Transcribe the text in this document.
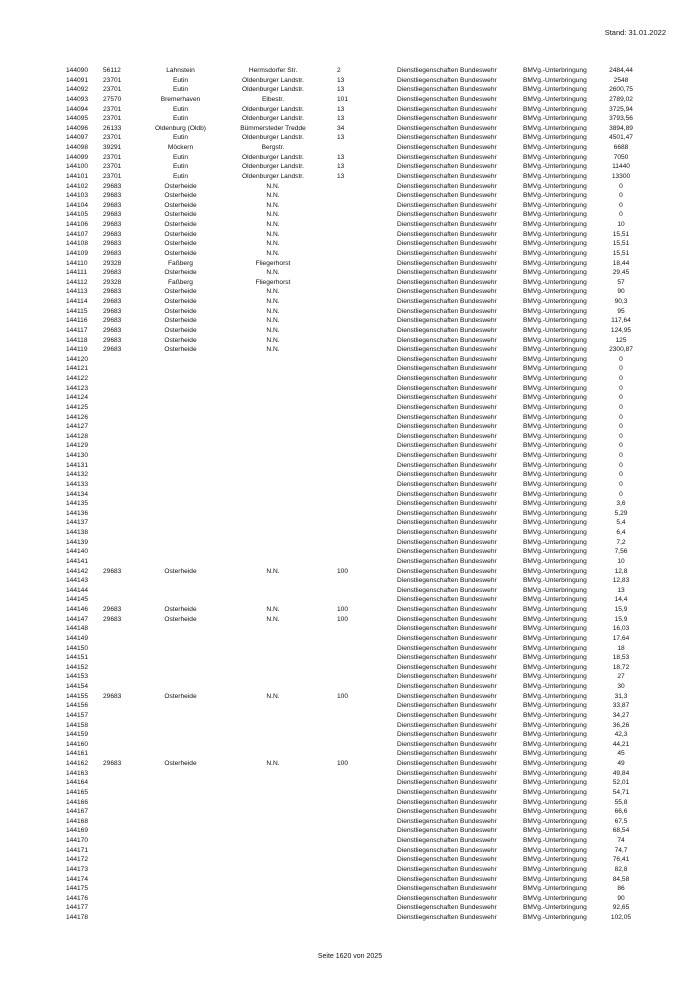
Stand: 31.01.2022
144090	56112	Lahnstein	Hermsdorfer Str.	2	Dienstliegenschaften Bundeswehr	BMVg.-Unterbringung	2484,44
144091	23701	Eutin	Oldenburger Landstr.	13	Dienstliegenschaften Bundeswehr	BMVg.-Unterbringung	2548
144092	23701	Eutin	Oldenburger Landstr.	13	Dienstliegenschaften Bundeswehr	BMVg.-Unterbringung	2600,75
144093	27570	Bremerhaven	Elbestr.	101	Dienstliegenschaften Bundeswehr	BMVg.-Unterbringung	2789,02
144094	23701	Eutin	Oldenburger Landstr.	13	Dienstliegenschaften Bundeswehr	BMVg.-Unterbringung	3725,94
144095	23701	Eutin	Oldenburger Landstr.	13	Dienstliegenschaften Bundeswehr	BMVg.-Unterbringung	3793,56
144096	26133	Oldenburg (Oldb)	Bümmersteder Tredde	34	Dienstliegenschaften Bundeswehr	BMVg.-Unterbringung	3894,89
144097	23701	Eutin	Oldenburger Landstr.	13	Dienstliegenschaften Bundeswehr	BMVg.-Unterbringung	4501,47
144098	39291	Möckern	Bergstr.		Dienstliegenschaften Bundeswehr	BMVg.-Unterbringung	6688
144099	23701	Eutin	Oldenburger Landstr.	13	Dienstliegenschaften Bundeswehr	BMVg.-Unterbringung	7050
144100	23701	Eutin	Oldenburger Landstr.	13	Dienstliegenschaften Bundeswehr	BMVg.-Unterbringung	11440
144101	23701	Eutin	Oldenburger Landstr.	13	Dienstliegenschaften Bundeswehr	BMVg.-Unterbringung	13300
144102	29683	Osterheide	N.N.		Dienstliegenschaften Bundeswehr	BMVg.-Unterbringung	0
144103	29683	Osterheide	N.N.		Dienstliegenschaften Bundeswehr	BMVg.-Unterbringung	0
144104	29683	Osterheide	N.N.		Dienstliegenschaften Bundeswehr	BMVg.-Unterbringung	0
144105	29683	Osterheide	N.N.		Dienstliegenschaften Bundeswehr	BMVg.-Unterbringung	0
144106	29683	Osterheide	N.N.		Dienstliegenschaften Bundeswehr	BMVg.-Unterbringung	10
144107	29683	Osterheide	N.N.		Dienstliegenschaften Bundeswehr	BMVg.-Unterbringung	15,51
144108	29683	Osterheide	N.N.		Dienstliegenschaften Bundeswehr	BMVg.-Unterbringung	15,51
144109	29683	Osterheide	N.N.		Dienstliegenschaften Bundeswehr	BMVg.-Unterbringung	15,51
144110	29328	Faßberg	Fliegerhorst		Dienstliegenschaften Bundeswehr	BMVg.-Unterbringung	18,44
144111	29683	Osterheide	N.N.		Dienstliegenschaften Bundeswehr	BMVg.-Unterbringung	29,45
144112	29328	Faßberg	Fliegerhorst		Dienstliegenschaften Bundeswehr	BMVg.-Unterbringung	57
144113	29683	Osterheide	N.N.		Dienstliegenschaften Bundeswehr	BMVg.-Unterbringung	90
144114	29683	Osterheide	N.N.		Dienstliegenschaften Bundeswehr	BMVg.-Unterbringung	90,3
144115	29683	Osterheide	N.N.		Dienstliegenschaften Bundeswehr	BMVg.-Unterbringung	95
144116	29683	Osterheide	N.N.		Dienstliegenschaften Bundeswehr	BMVg.-Unterbringung	117,64
144117	29683	Osterheide	N.N.		Dienstliegenschaften Bundeswehr	BMVg.-Unterbringung	124,95
144118	29683	Osterheide	N.N.		Dienstliegenschaften Bundeswehr	BMVg.-Unterbringung	125
144119	29683	Osterheide	N.N.		Dienstliegenschaften Bundeswehr	BMVg.-Unterbringung	2300,87
144120					Dienstliegenschaften Bundeswehr	BMVg.-Unterbringung	0
144121					Dienstliegenschaften Bundeswehr	BMVg.-Unterbringung	0
144122					Dienstliegenschaften Bundeswehr	BMVg.-Unterbringung	0
144123					Dienstliegenschaften Bundeswehr	BMVg.-Unterbringung	0
144124					Dienstliegenschaften Bundeswehr	BMVg.-Unterbringung	0
144125					Dienstliegenschaften Bundeswehr	BMVg.-Unterbringung	0
144126					Dienstliegenschaften Bundeswehr	BMVg.-Unterbringung	0
144127					Dienstliegenschaften Bundeswehr	BMVg.-Unterbringung	0
144128					Dienstliegenschaften Bundeswehr	BMVg.-Unterbringung	0
144129					Dienstliegenschaften Bundeswehr	BMVg.-Unterbringung	0
144130					Dienstliegenschaften Bundeswehr	BMVg.-Unterbringung	0
144131					Dienstliegenschaften Bundeswehr	BMVg.-Unterbringung	0
144132					Dienstliegenschaften Bundeswehr	BMVg.-Unterbringung	0
144133					Dienstliegenschaften Bundeswehr	BMVg.-Unterbringung	0
144134					Dienstliegenschaften Bundeswehr	BMVg.-Unterbringung	0
144135					Dienstliegenschaften Bundeswehr	BMVg.-Unterbringung	3,6
144136					Dienstliegenschaften Bundeswehr	BMVg.-Unterbringung	5,29
144137					Dienstliegenschaften Bundeswehr	BMVg.-Unterbringung	5,4
144138					Dienstliegenschaften Bundeswehr	BMVg.-Unterbringung	6,4
144139					Dienstliegenschaften Bundeswehr	BMVg.-Unterbringung	7,2
144140					Dienstliegenschaften Bundeswehr	BMVg.-Unterbringung	7,56
144141					Dienstliegenschaften Bundeswehr	BMVg.-Unterbringung	10
144142	29683	Osterheide	N.N.	100	Dienstliegenschaften Bundeswehr	BMVg.-Unterbringung	12,8
144143					Dienstliegenschaften Bundeswehr	BMVg.-Unterbringung	12,83
144144					Dienstliegenschaften Bundeswehr	BMVg.-Unterbringung	13
144145					Dienstliegenschaften Bundeswehr	BMVg.-Unterbringung	14,4
144146	29683	Osterheide	N.N.	100	Dienstliegenschaften Bundeswehr	BMVg.-Unterbringung	15,9
144147	29683	Osterheide	N.N.	100	Dienstliegenschaften Bundeswehr	BMVg.-Unterbringung	15,9
144148					Dienstliegenschaften Bundeswehr	BMVg.-Unterbringung	16,03
144149					Dienstliegenschaften Bundeswehr	BMVg.-Unterbringung	17,64
144150					Dienstliegenschaften Bundeswehr	BMVg.-Unterbringung	18
144151					Dienstliegenschaften Bundeswehr	BMVg.-Unterbringung	18,53
144152					Dienstliegenschaften Bundeswehr	BMVg.-Unterbringung	18,72
144153					Dienstliegenschaften Bundeswehr	BMVg.-Unterbringung	27
144154					Dienstliegenschaften Bundeswehr	BMVg.-Unterbringung	30
144155	29683	Osterheide	N.N.	100	Dienstliegenschaften Bundeswehr	BMVg.-Unterbringung	31,3
144156					Dienstliegenschaften Bundeswehr	BMVg.-Unterbringung	33,87
144157					Dienstliegenschaften Bundeswehr	BMVg.-Unterbringung	34,27
144158					Dienstliegenschaften Bundeswehr	BMVg.-Unterbringung	36,26
144159					Dienstliegenschaften Bundeswehr	BMVg.-Unterbringung	42,3
144160					Dienstliegenschaften Bundeswehr	BMVg.-Unterbringung	44,21
144161					Dienstliegenschaften Bundeswehr	BMVg.-Unterbringung	45
144162	29683	Osterheide	N.N.	100	Dienstliegenschaften Bundeswehr	BMVg.-Unterbringung	49
144163					Dienstliegenschaften Bundeswehr	BMVg.-Unterbringung	49,84
144164					Dienstliegenschaften Bundeswehr	BMVg.-Unterbringung	52,01
144165					Dienstliegenschaften Bundeswehr	BMVg.-Unterbringung	54,71
144166					Dienstliegenschaften Bundeswehr	BMVg.-Unterbringung	55,8
144167					Dienstliegenschaften Bundeswehr	BMVg.-Unterbringung	66,6
144168					Dienstliegenschaften Bundeswehr	BMVg.-Unterbringung	67,5
144169					Dienstliegenschaften Bundeswehr	BMVg.-Unterbringung	68,54
144170					Dienstliegenschaften Bundeswehr	BMVg.-Unterbringung	74
144171					Dienstliegenschaften Bundeswehr	BMVg.-Unterbringung	74,7
144172					Dienstliegenschaften Bundeswehr	BMVg.-Unterbringung	76,41
144173					Dienstliegenschaften Bundeswehr	BMVg.-Unterbringung	82,8
144174					Dienstliegenschaften Bundeswehr	BMVg.-Unterbringung	84,58
144175					Dienstliegenschaften Bundeswehr	BMVg.-Unterbringung	86
144176					Dienstliegenschaften Bundeswehr	BMVg.-Unterbringung	90
144177					Dienstliegenschaften Bundeswehr	BMVg.-Unterbringung	92,65
144178					Dienstliegenschaften Bundeswehr	BMVg.-Unterbringung	102,05
Seite 1620 von 2025
